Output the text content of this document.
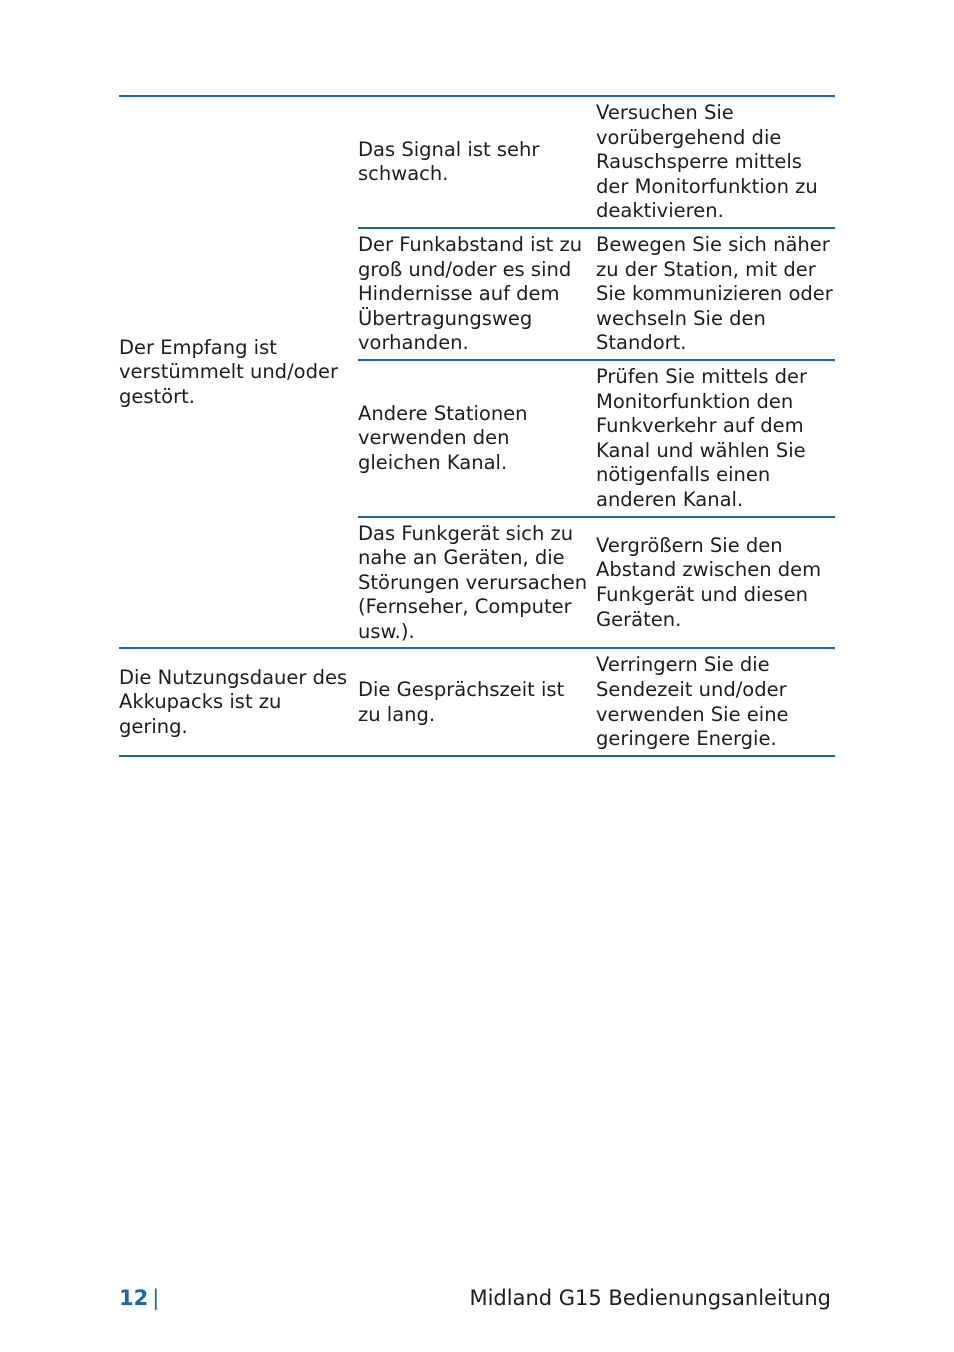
Der Empfang ist verstümmelt und/oder gestört.	Das Signal ist sehr schwach.	Versuchen Sie vorübergehend die Rauschsperre mittels der Monitorfunktion zu deaktivieren.
	Der Funkabstand ist zu groß und/oder es sind Hindernisse auf dem Übertragungsweg vorhanden.	Bewegen Sie sich näher zu der Station, mit der Sie kommunizieren oder wechseln Sie den Standort.
	Andere Stationen verwenden den gleichen Kanal.	Prüfen Sie mittels der Monitorfunktion den Funkverkehr auf dem Kanal und wählen Sie nötigenfalls einen anderen Kanal.
	Das Funkgerät sich zu nahe an Geräten, die Störungen verursachen (Fernseher, Computer usw.).	Vergrößern Sie den Abstand zwischen dem Funkgerät und diesen Geräten.
Die Nutzungsdauer des Akkupacks ist zu gering.	Die Gesprächszeit ist zu lang.	Verringern Sie die Sendezeit und/oder verwenden Sie eine geringere Energie.
12 |	Midland G15 Bedienungsanleitung
